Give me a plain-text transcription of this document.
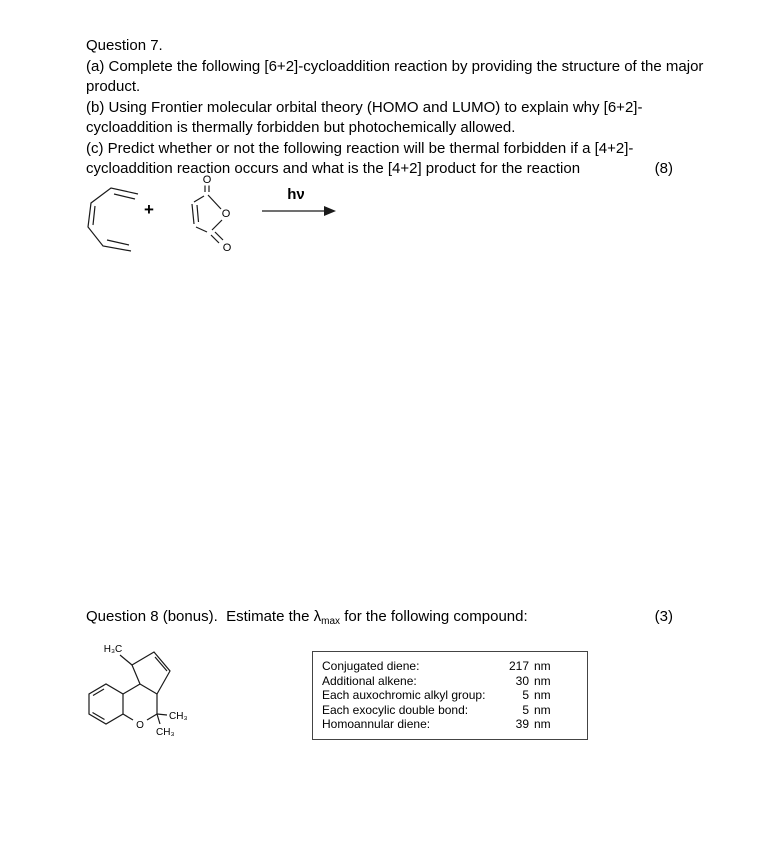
Question 7.
(a) Complete the following [6+2]-cycloaddition reaction by providing the structure of the major
product.
(b) Using Frontier molecular orbital theory (HOMO and LUMO) to explain why [6+2]-
cycloaddition is thermally forbidden but photochemically allowed.
(c) Predict whether or not the following reaction will be thermal forbidden if a [4+2]-
cycloaddition reaction occurs and what is the [4+2] product for the reaction	(8)
+
O
O
O
hν
Question 8 (bonus).  Estimate the $\lambda_{max}$ for the following compound:	(3)
O
H₃C
CH₃
CH₃
Conjugated diene:	217 nm
Additional alkene:	30 nm
Each auxochromic alkyl group:	5 nm
Each exocylic double bond:	5 nm
Homoannular diene:	39 nm
